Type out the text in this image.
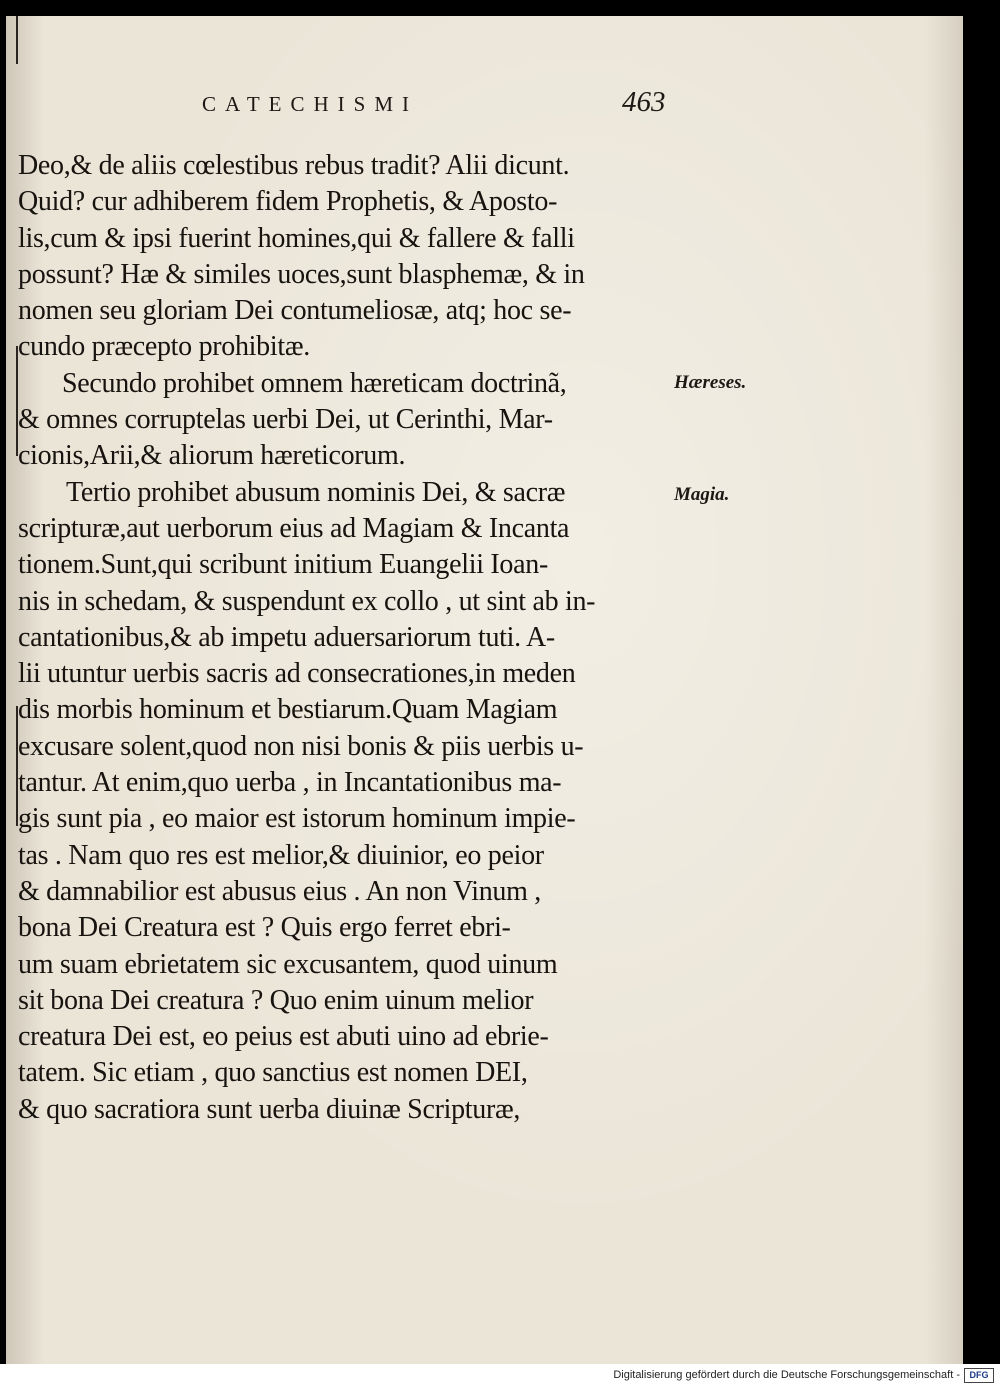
CATECHISMI	463
Deo,& de aliis cœlestibus rebus tradit? Alii dicunt.
Quid? cur adhiberem fidem Prophetis, & Aposto-
lis,cum & ipsi fuerint homines,qui & fallere & falli
possunt? Hæ & similes uoces,sunt blasphemæ, & in
nomen seu gloriam Dei contumeliosæ, atq; hoc se-
cundo præcepto prohibitæ.
Secundo prohibet omnem hæreticam doctrinã,
& omnes corruptelas uerbi Dei, ut Cerinthi, Mar-
cionis,Arii,& aliorum hæreticorum.
Tertio prohibet abusum nominis Dei, & sacræ
scripturæ,aut uerborum eius ad Magiam & Incanta
tionem.Sunt,qui scribunt initium Euangelii Ioan-
nis in schedam, & suspendunt ex collo , ut sint ab in-
cantationibus,& ab impetu aduersariorum tuti. A-
lii utuntur uerbis sacris ad consecrationes,in meden
dis morbis hominum et bestiarum.Quam Magiam
excusare solent,quod non nisi bonis & piis uerbis u-
tantur. At enim,quo uerba , in Incantationibus ma-
gis sunt pia , eo maior est istorum hominum impie-
tas . Nam quo res est melior,& diuinior, eo peior
& damnabilior est abusus eius . An non Vinum ,
bona Dei Creatura est ? Quis ergo ferret ebri-
um suam ebrietatem sic excusantem, quod uinum
sit bona Dei creatura ? Quo enim uinum melior
creatura Dei est, eo peius est abuti uino ad ebrie-
tatem. Sic etiam , quo sanctius est nomen DEI,
& quo sacratiora sunt uerba diuinæ Scripturæ,
Hæreses.
Magia.
Digitalisierung gefördert durch die Deutsche Forschungsgemeinschaft -	DFG
